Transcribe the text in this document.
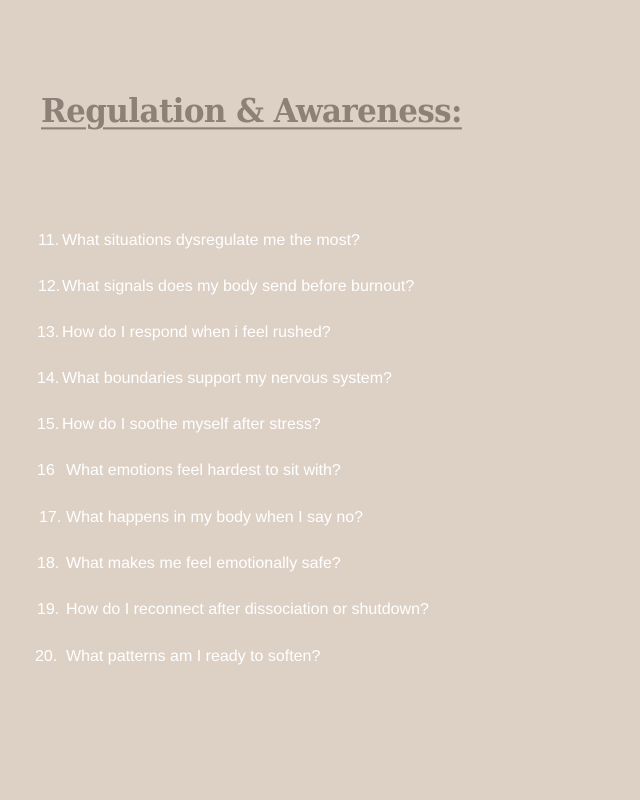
Regulation & Awareness:
11. What situations dysregulate me the most?
12. What signals does my body send before burnout?
13. How do I respond when i feel rushed?
14. What boundaries support my nervous system?
15. How do I soothe myself after stress?
16 What emotions feel hardest to sit with?
17. What happens in my body when I say no?
18. What makes me feel emotionally safe?
19. How do I reconnect after dissociation or shutdown?
20. What patterns am I ready to soften?
